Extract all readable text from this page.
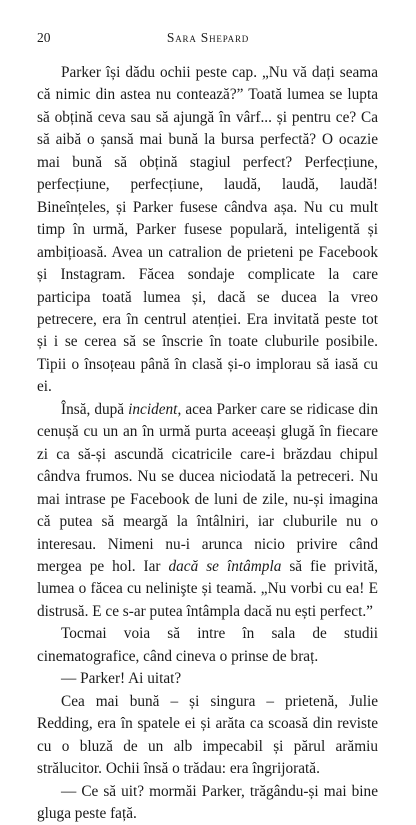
20	Sara Shepard

Parker își dădu ochii peste cap. „Nu vă dați seama că nimic din astea nu contează?” Toată lumea se lupta să obțină ceva sau să ajungă în vârf... și pentru ce? Ca să aibă o șansă mai bună la bursa perfectă? O ocazie mai bună să obțină stagiul perfect? Perfecțiune, perfecțiune, perfecțiune, laudă, laudă, laudă! Bineînțeles, și Parker fusese cândva așa. Nu cu mult timp în urmă, Parker fusese populară, inteligentă și ambițioasă. Avea un catralion de prieteni pe Facebook și Instagram. Făcea sondaje complicate la care participa toată lumea și, dacă se ducea la vreo petrecere, era în centrul atenției. Era invitată peste tot și i se cerea să se înscrie în toate cluburile posibile. Tipii o însoțeau până în clasă și-o implorau să iasă cu ei.

Însă, după incident, acea Parker care se ridicase din cenușă cu un an în urmă purta aceeași glugă în fiecare zi ca să-și ascundă cicatricile care-i brăzdau chipul cândva frumos. Nu se ducea niciodată la petreceri. Nu mai intrase pe Facebook de luni de zile, nu-și imagina că putea să meargă la întâlniri, iar cluburile nu o interesau. Nimeni nu-i arunca nicio privire când mergea pe hol. Iar dacă se întâmpla să fie privită, lumea o făcea cu nelinişte și teamă. „Nu vorbi cu ea! E distrusă. E ce s-ar putea întâmpla dacă nu ești perfect.”

Tocmai voia să intre în sala de studii cinematografice, când cineva o prinse de braț.

— Parker! Ai uitat?

Cea mai bună – și singura – prietenă, Julie Redding, era în spatele ei și arăta ca scoasă din reviste cu o bluză de un alb impecabil și părul arămiu strălucitor. Ochii însă o trădau: era îngrijorată.

— Ce să uit? mormăi Parker, trăgându-și mai bine gluga peste față.
